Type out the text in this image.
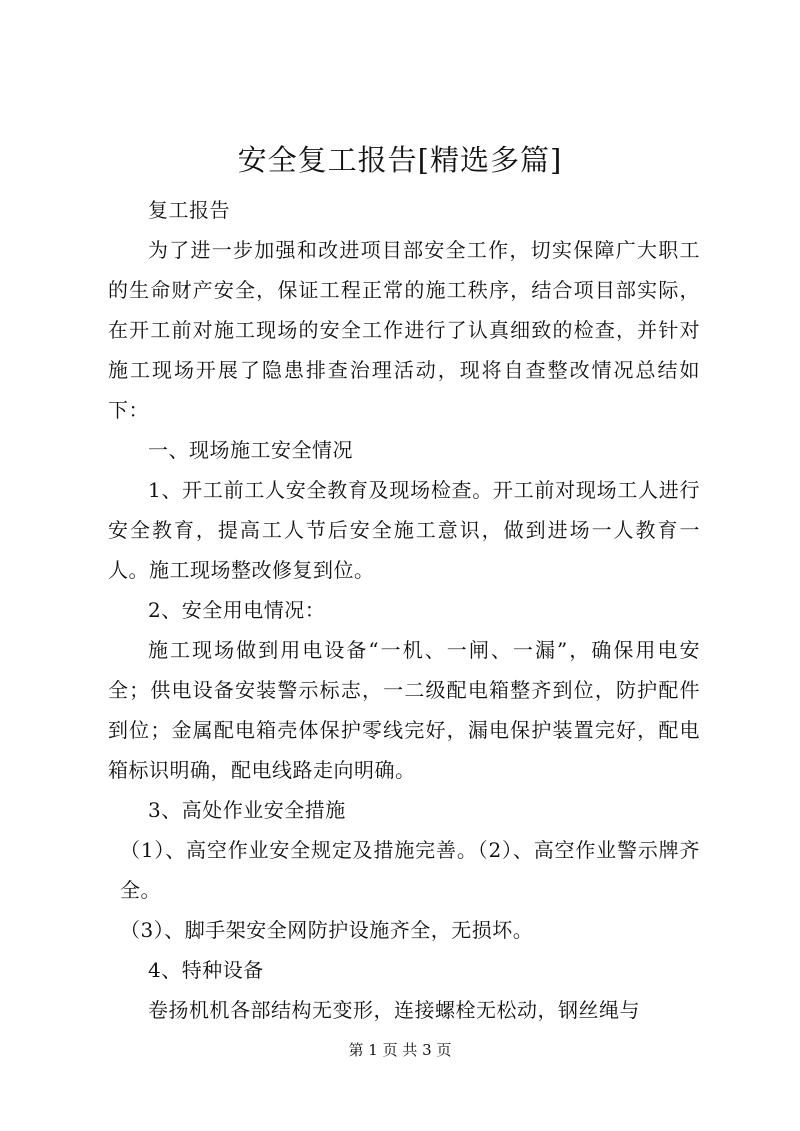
安全复工报告[精选多篇]

复工报告

为了进一步加强和改进项目部安全工作，切实保障广大职工的生命财产安全，保证工程正常的施工秩序，结合项目部实际，在开工前对施工现场的安全工作进行了认真细致的检查，并针对施工现场开展了隐患排查治理活动，现将自查整改情况总结如下：

一、现场施工安全情况

1、开工前工人安全教育及现场检查。开工前对现场工人进行安全教育，提高工人节后安全施工意识，做到进场一人教育一人。施工现场整改修复到位。

2、安全用电情况：

施工现场做到用电设备“一机、一闸、一漏”，确保用电安全；供电设备安装警示标志，一二级配电箱整齐到位，防护配件到位；金属配电箱壳体保护零线完好，漏电保护装置完好，配电箱标识明确，配电线路走向明确。

3、高处作业安全措施

（1）、高空作业安全规定及措施完善。（2）、高空作业警示牌齐全。

（3）、脚手架安全网防护设施齐全，无损坏。

4、特种设备

卷扬机机各部结构无变形，连接螺栓无松动，钢丝绳与

第 1 页 共 3 页
